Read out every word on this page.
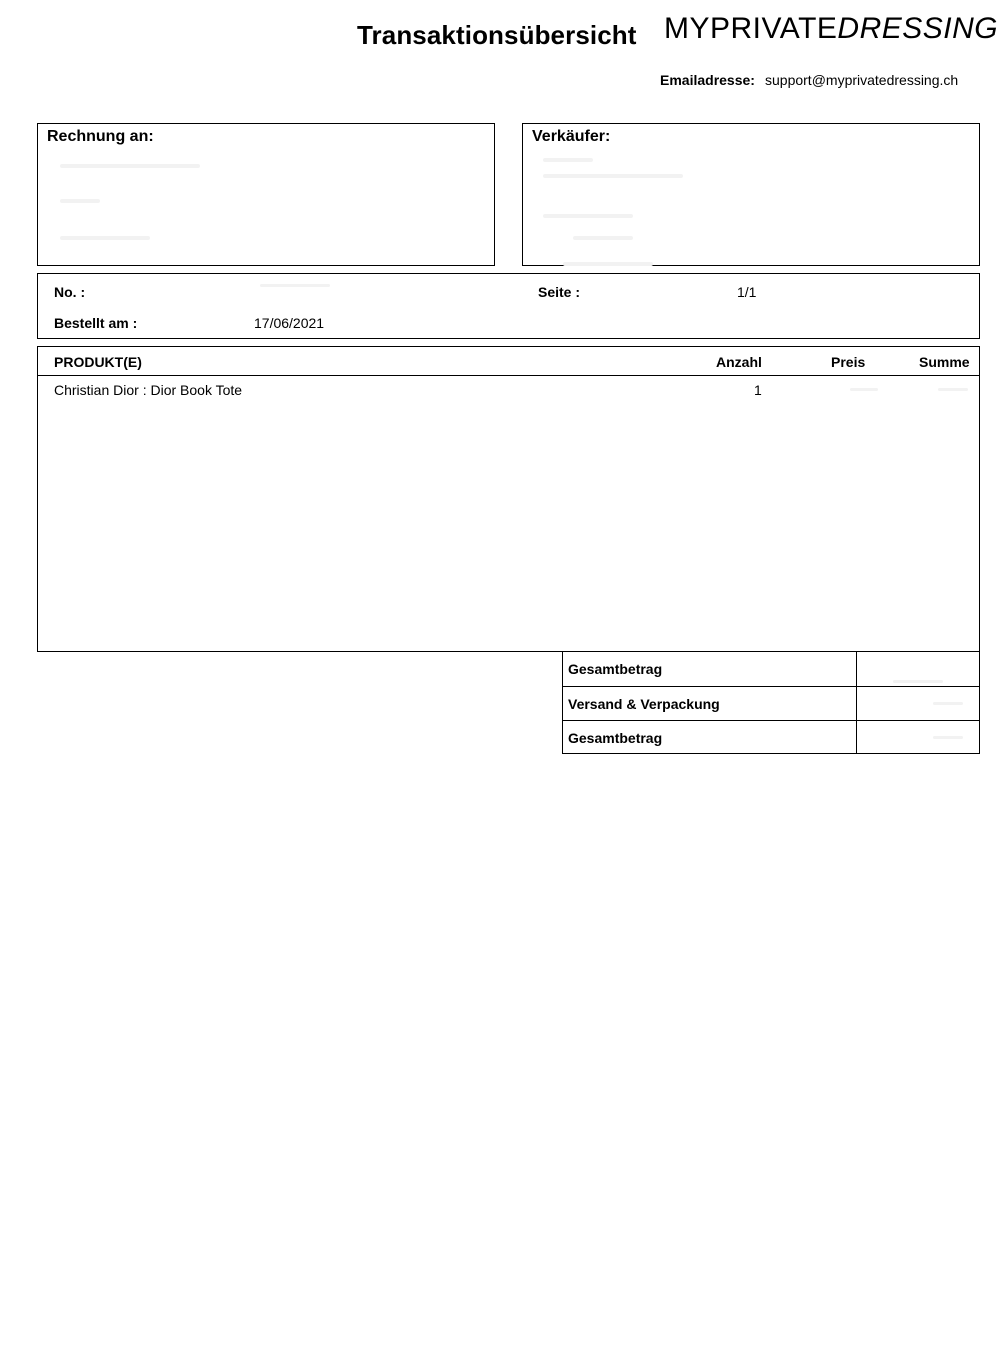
Transaktionsübersicht MYPRIVATEDRESSING
Emailadresse: support@myprivatedressing.ch
Rechnung an:	Verkäufer:
No. :	Seite :	1/1
Bestellt am :	17/06/2021
PRODUKT(E)	Anzahl	Preis	Summe
Christian Dior : Dior Book Tote	1
Gesamtbetrag
Versand & Verpackung
Gesamtbetrag
